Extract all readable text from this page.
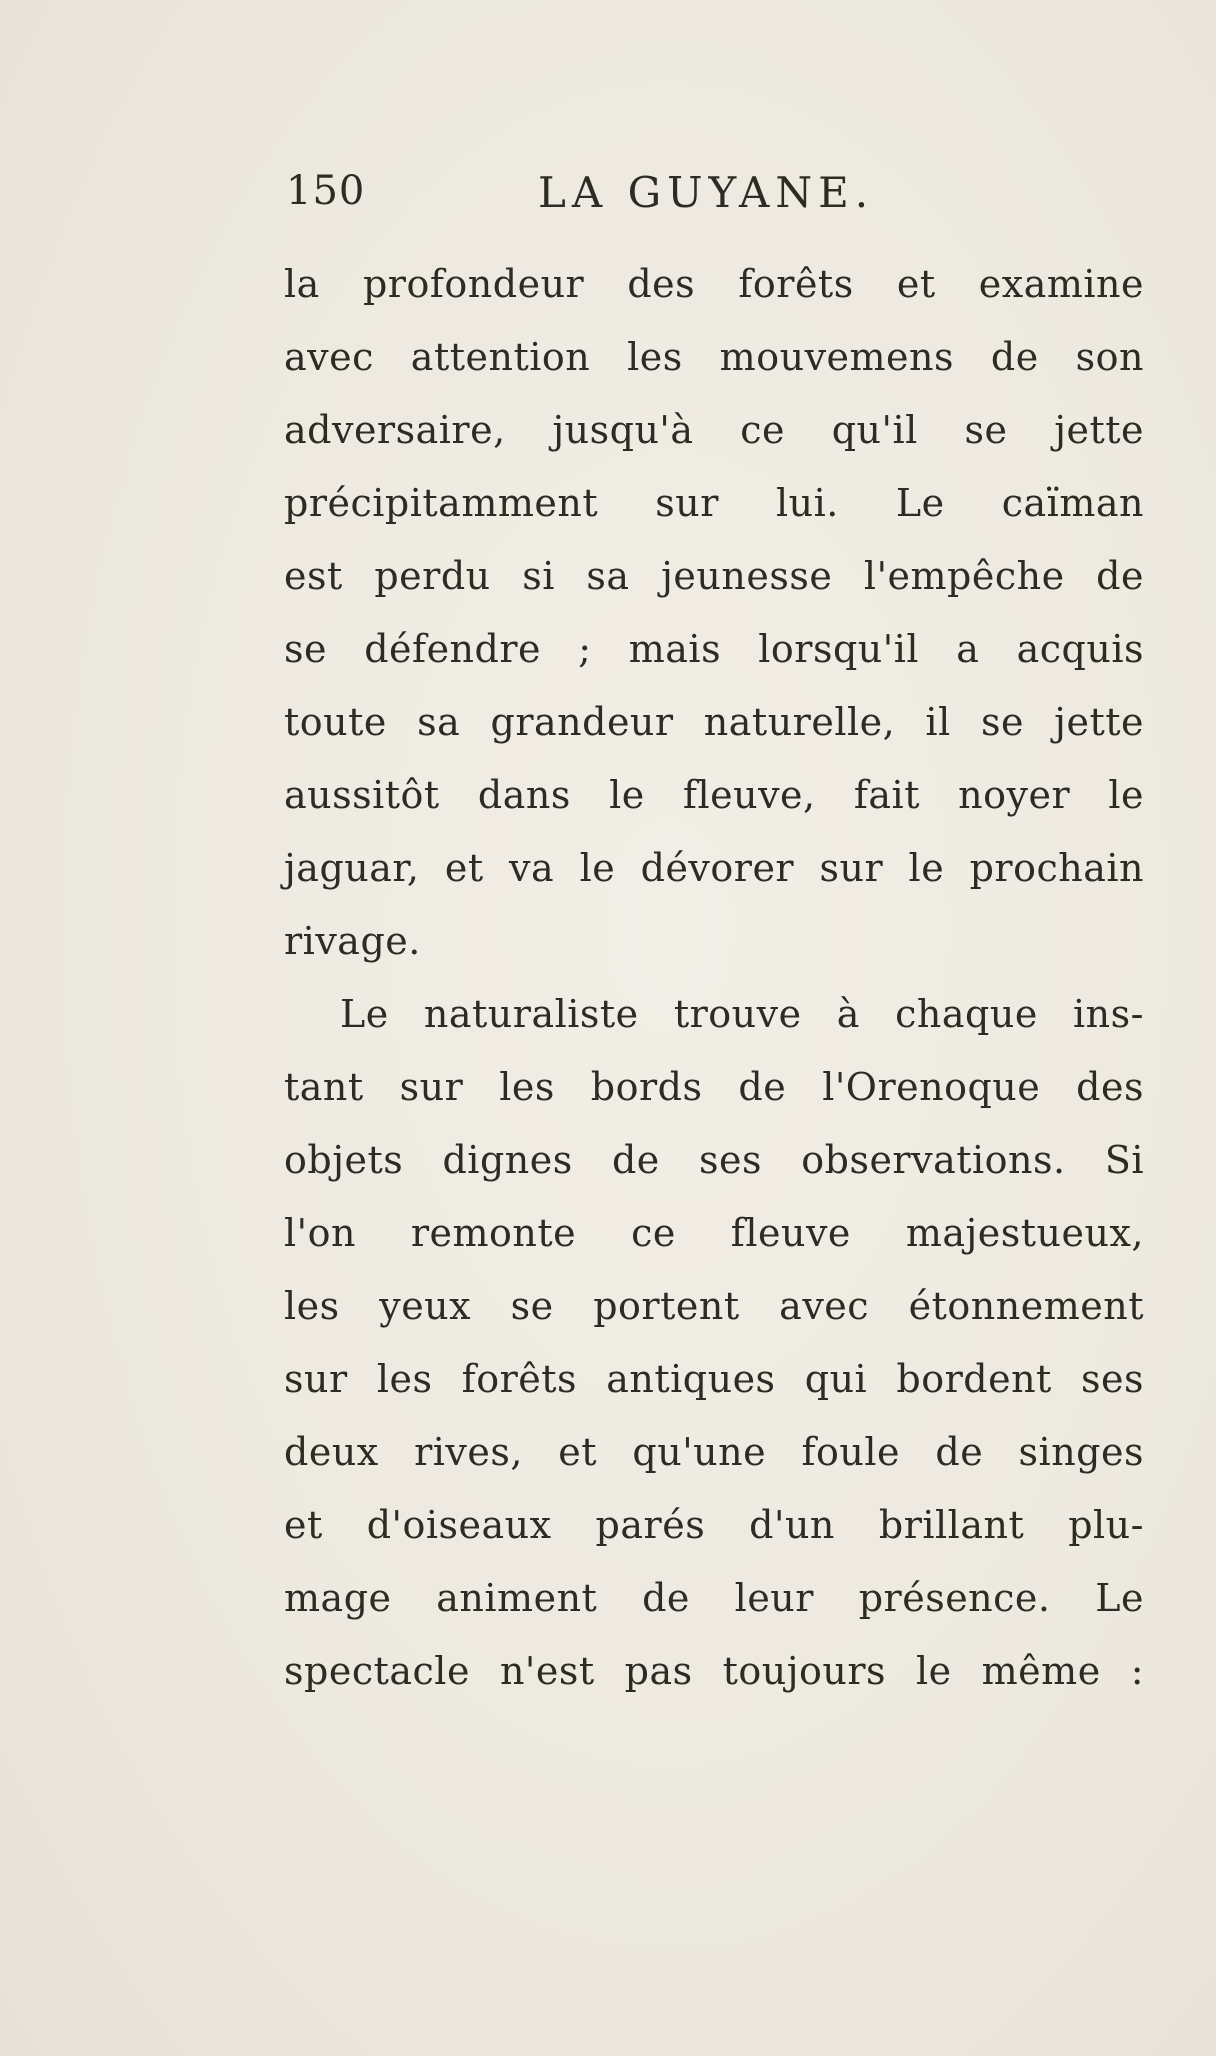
150	LA GUYANE.
la profondeur des forêts et examine
avec attention les mouvemens de son
adversaire, jusqu'à ce qu'il se jette
précipitamment sur lui. Le caïman
est perdu si sa jeunesse l'empêche de
se défendre ; mais lorsqu'il a acquis
toute sa grandeur naturelle, il se jette
aussitôt dans le fleuve, fait noyer le
jaguar, et va le dévorer sur le prochain
rivage.
Le naturaliste trouve à chaque ins-
tant sur les bords de l'Orenoque des
objets dignes de ses observations. Si
l'on remonte ce fleuve majestueux,
les yeux se portent avec étonnement
sur les forêts antiques qui bordent ses
deux rives, et qu'une foule de singes
et d'oiseaux parés d'un brillant plu-
mage animent de leur présence. Le
spectacle n'est pas toujours le même :
